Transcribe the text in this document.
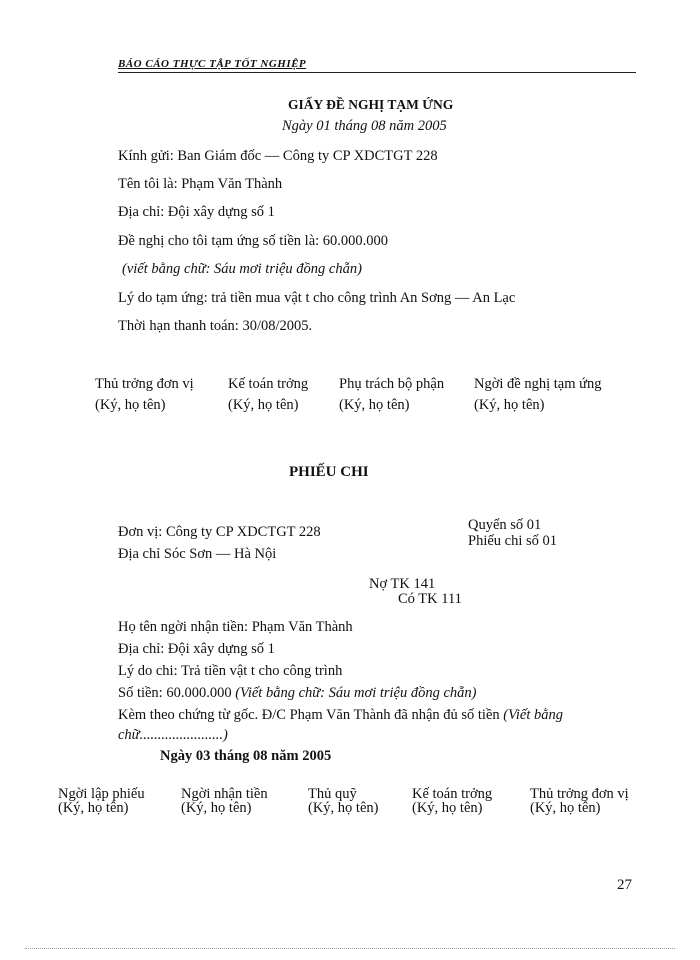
BÁO CÁO THỰC TẬP TỐT NGHIỆP
GIẤY ĐỀ NGHỊ TẠM ỨNG
Ngày 01 tháng 08 năm 2005
Kính gửi: Ban Giám đốc — Công ty CP XDCTGT 228
Tên tôi là: Phạm Văn Thành
Địa chỉ: Đội xây dựng số 1
Đề nghị cho tôi tạm ứng số tiền là: 60.000.000
(viết bằng chữ: Sáu mơi triệu đồng chẵn)
Lý do tạm ứng: trả tiền mua vật t cho công trình An Sơng — An Lạc
Thời hạn thanh toán: 30/08/2005.
Thủ trởng đơn vị
(Ký, họ tên)
Kế toán trởng
(Ký, họ tên)
Phụ trách bộ phận
(Ký, họ tên)
Ngời đề nghị tạm ứng
(Ký, họ tên)
PHIẾU CHI
Đơn vị: Công ty CP XDCTGT 228
Địa chỉ Sóc Sơn — Hà Nội
Quyển số 01
Phiếu chi số 01
Nợ TK 141
Có TK 111
Họ tên ngời nhận tiền: Phạm Văn Thành
Địa chỉ: Đội xây dựng số 1
Lý do chi: Trả tiền vật t cho công trình
Số tiền: 60.000.000 (Viết bằng chữ: Sáu mơi triệu đồng chẵn)
Kèm theo chứng từ gốc. Đ/C Phạm Văn Thành đã nhận đủ số tiền (Viết bằng
chữ.......................)
Ngày 03 tháng 08 năm 2005
Ngời lập phiếu
(Ký, họ tên)
Ngời nhận tiền
(Ký, họ tên)
Thủ quỹ
(Ký, họ tên)
Kế toán trởng
(Ký, họ tên)
Thủ trởng đơn vị
(Ký, họ tên)
27
